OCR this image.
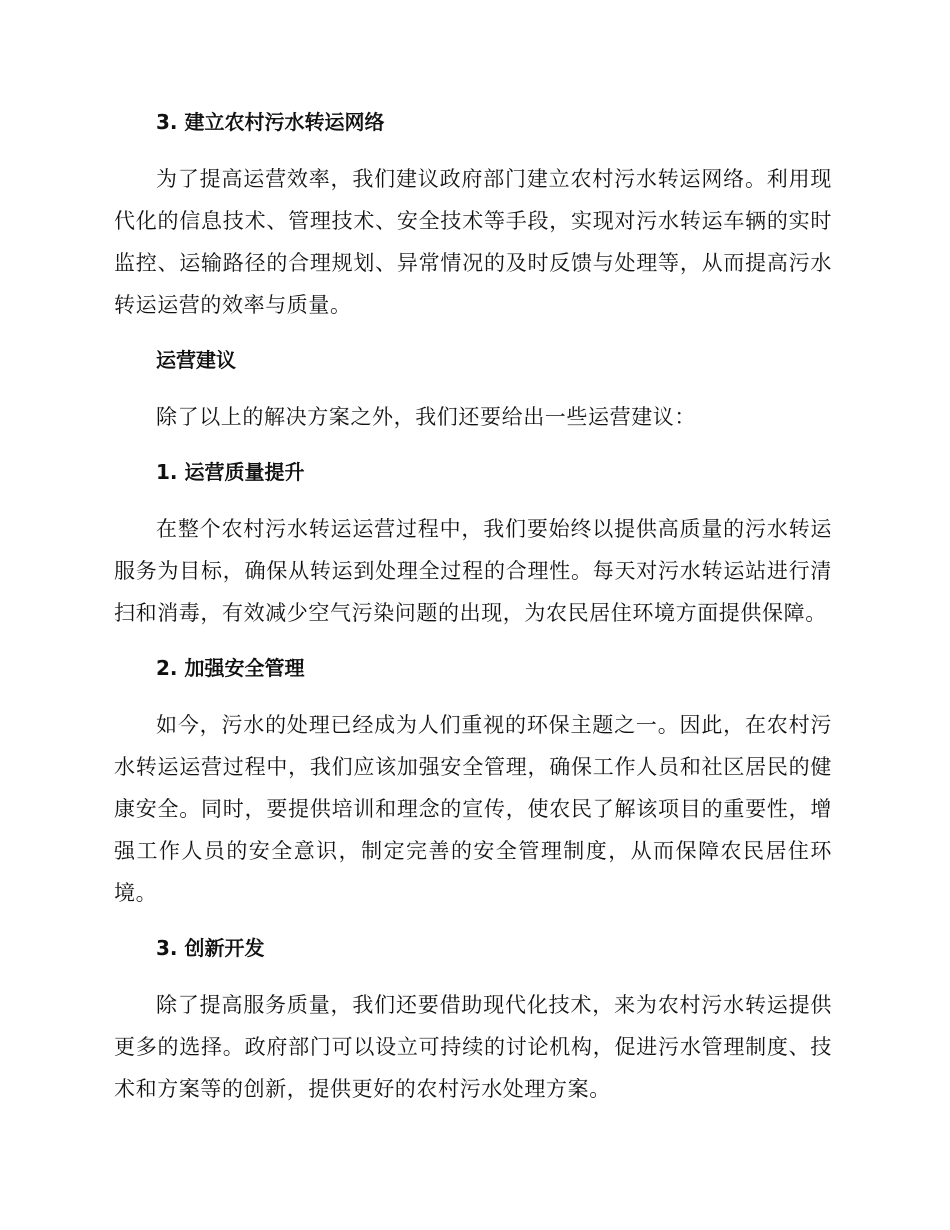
3. 建立农村污水转运网络

为了提高运营效率，我们建议政府部门建立农村污水转运网络。利用现代化的信息技术、管理技术、安全技术等手段，实现对污水转运车辆的实时监控、运输路径的合理规划、异常情况的及时反馈与处理等，从而提高污水转运运营的效率与质量。

运营建议

除了以上的解决方案之外，我们还要给出一些运营建议：

1. 运营质量提升

在整个农村污水转运运营过程中，我们要始终以提供高质量的污水转运服务为目标，确保从转运到处理全过程的合理性。每天对污水转运站进行清扫和消毒，有效减少空气污染问题的出现，为农民居住环境方面提供保障。

2. 加强安全管理

如今，污水的处理已经成为人们重视的环保主题之一。因此，在农村污水转运运营过程中，我们应该加强安全管理，确保工作人员和社区居民的健康安全。同时，要提供培训和理念的宣传，使农民了解该项目的重要性，增强工作人员的安全意识，制定完善的安全管理制度，从而保障农民居住环境。

3. 创新开发

除了提高服务质量，我们还要借助现代化技术，来为农村污水转运提供更多的选择。政府部门可以设立可持续的讨论机构，促进污水管理制度、技术和方案等的创新，提供更好的农村污水处理方案。
